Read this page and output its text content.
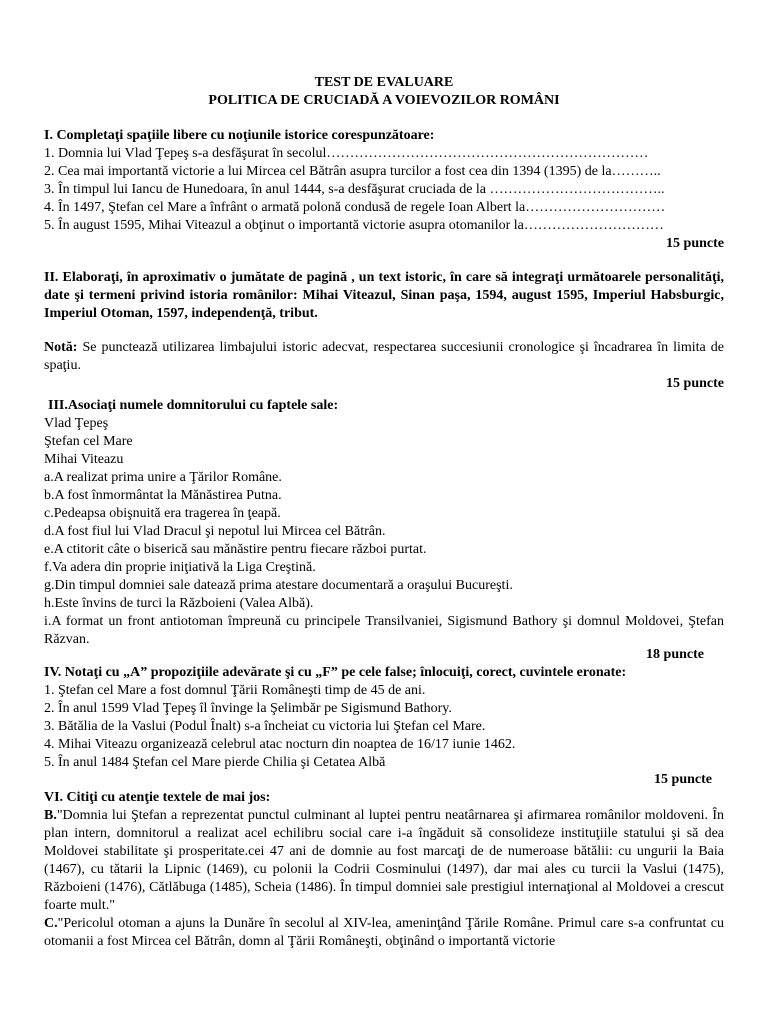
TEST DE EVALUARE
POLITICA DE CRUCIADĂ A VOIEVOZILOR ROMÂNI
I. Completaţi spaţiile libere cu noţiunile istorice corespunzătoare:
1. Domnia lui Vlad Ţepeş s-a desfăşurat în secolul……………………………………………………………
2. Cea mai importantă victorie a lui Mircea cel Bătrân asupra turcilor a fost cea din 1394 (1395) de la………..
3. În timpul lui Iancu de Hunedoara, în anul 1444, s-a desfăşurat cruciada de la ………………………………..
4. În 1497, Ştefan cel Mare a înfrânt o armată polonă condusă de regele Ioan Albert la…………………………
5. În august 1595, Mihai Viteazul a obţinut o importantă victorie asupra otomanilor la…………………………
15 puncte

II. Elaboraţi, în aproximativ o jumătate de pagină , un text istoric, în care să integraţi următoarele personalităţi, date şi termeni privind istoria românilor: Mihai Viteazul, Sinan paşa, 1594, august 1595, Imperiul Habsburgic, Imperiul Otoman, 1597, independenţă, tribut.

Notă: Se punctează utilizarea limbajului istoric adecvat, respectarea succesiunii cronologice şi încadrarea în limita de spaţiu.

15 puncte
III.Asociaţi numele domnitorului cu faptele sale:
Vlad Ţepeş
Ştefan cel Mare
Mihai Viteazu
a.A realizat prima unire a Ţărilor Române.
b.A fost înmormântat la Mănăstirea Putna.
c.Pedeapsa obişnuită era tragerea în ţeapă.
d.A fost fiul lui Vlad Dracul şi nepotul lui Mircea cel Bătrân.
e.A ctitorit câte o biserică sau mănăstire pentru fiecare război purtat.
f.Va adera din proprie iniţiativă la Liga Creştină.
g.Din timpul domniei sale datează prima atestare documentară a oraşului Bucureşti.
h.Este învins de turci la Războieni (Valea Albă).

i.A format un front antiotoman împreună cu principele Transilvaniei, Sigismund Bathory şi domnul Moldovei, Ştefan Răzvan.

18 puncte
IV. Notaţi cu „A” propoziţiile adevărate şi cu „F” pe cele false; înlocuiţi, corect, cuvintele eronate:
1. Ştefan cel Mare a fost domnul Ţării Româneşti timp de 45 de ani.
2. În anul 1599 Vlad Ţepeş îl învinge la Şelimbăr pe Sigismund Bathory.
3. Bătălia de la Vaslui (Podul Înalt) s-a încheiat cu victoria lui Ştefan cel Mare.
4. Mihai Viteazu organizează celebrul atac nocturn din noaptea de 16/17 iunie 1462.
5. În anul 1484 Ştefan cel Mare pierde Chilia şi Cetatea Albă
15 puncte
VI. Citiţi cu atenţie textele de mai jos:

B."Domnia lui Ştefan a reprezentat punctul culminant al luptei pentru neatârnarea şi afirmarea românilor moldoveni. În plan intern, domnitorul a realizat acel echilibru social care i-a îngăduit să consolideze instituţiile statului şi să dea Moldovei stabilitate şi prosperitate.cei 47 ani de domnie au fost marcaţi de de numeroase bătălii: cu ungurii la Baia (1467), cu tătarii la Lipnic (1469), cu polonii la Codrii Cosminului (1497), dar mai ales cu turcii la Vaslui (1475), Războieni (1476), Cătlăbuga (1485), Scheia (1486). În timpul domniei sale prestigiul internaţional al Moldovei a crescut foarte mult."

C."Pericolul otoman a ajuns la Dunăre în secolul al XIV-lea, ameninţând Ţările Române. Primul care s-a confruntat cu otomanii a fost Mircea cel Bătrân, domn al Ţării Româneşti, obţinând o importantă victorie
